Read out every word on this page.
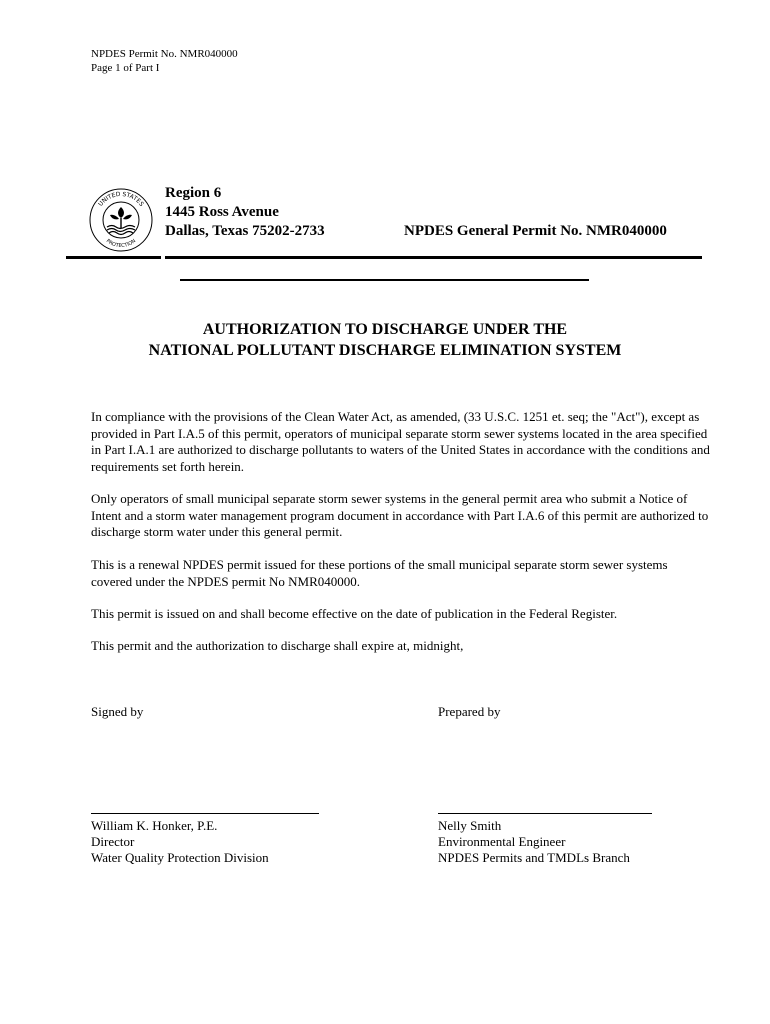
NPDES Permit No. NMR040000
Page 1 of Part I
UNITED STATES
PROTECTION
Region 6
1445 Ross Avenue
Dallas, Texas 75202-2733	NPDES General Permit No. NMR040000
AUTHORIZATION TO DISCHARGE UNDER THE
NATIONAL POLLUTANT DISCHARGE ELIMINATION SYSTEM
In compliance with the provisions of the Clean Water Act, as amended, (33 U.S.C. 1251 et. seq; the "Act"), except as provided in Part I.A.5 of this permit, operators of municipal separate storm sewer systems located in the area specified in Part I.A.1 are authorized to discharge pollutants to waters of the United States in accordance with the conditions and requirements set forth herein.
Only operators of small municipal separate storm sewer systems in the general permit area who submit a Notice of Intent and a storm water management program document in accordance with Part I.A.6 of this permit are authorized to discharge storm water under this general permit.
This is a renewal NPDES permit issued for these portions of the small municipal separate storm sewer systems covered under the NPDES permit No NMR040000.
This permit is issued on and shall become effective on the date of publication in the Federal Register.
This permit and the authorization to discharge shall expire at, midnight,
Signed by	Prepared by
William K. Honker, P.E.
Director
Water Quality Protection Division
Nelly Smith
Environmental Engineer
NPDES Permits and TMDLs Branch
